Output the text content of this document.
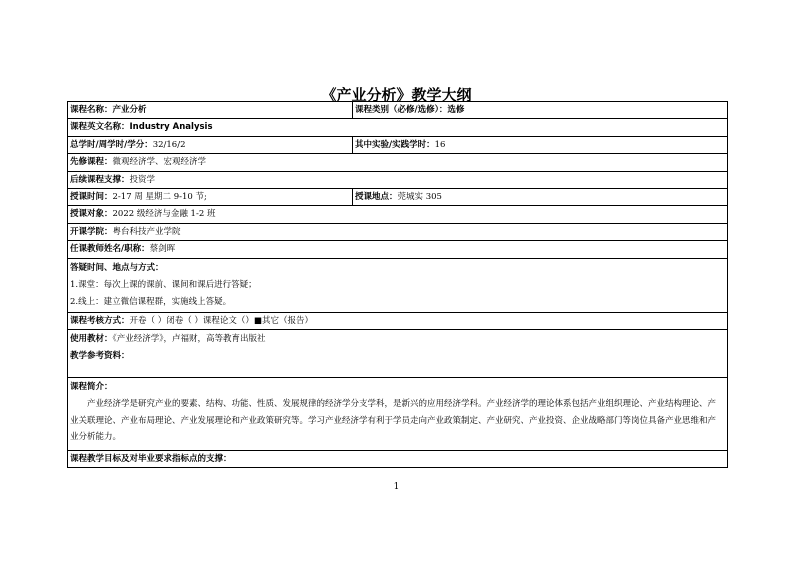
《产业分析》教学大纲
课程名称：产业分析	课程类别（必修/选修）：选修
课程英文名称：Industry Analysis	
总学时/周学时/学分：32/16/2	其中实验/实践学时：16
先修课程：微观经济学、宏观经济学	
后续课程支撑：投资学	
授课时间：2-17 周 星期二 9-10 节;	授课地点：莞城实 305
授课对象：2022 级经济与金融 1-2 班	
开课学院：粤台科技产业学院	
任课教师姓名/职称：蔡剑晖	

答疑时间、地点与方式：
1.课堂：每次上课的课前、课间和课后进行答疑；
2.线上：建立微信课程群，实施线上答疑。	

课程考核方式：开卷（ ）闭卷（ ）课程论文（）■其它（报告）	

使用教材：《产业经济学》，卢福财，高等教育出版社
教学参考资料：	

课程简介：
产业经济学是研究产业的要素、结构、功能、性质、发展规律的经济学分支学科，是新兴的应用经济学科。产业经济学的理论体系包括产业组织理论、产业结构理论、产业关联理论、产业布局理论、产业发展理论和产业政策研究等。学习产业经济学有利于学员走向产业政策制定、产业研究、产业投资、企业战略部门等岗位具备产业思维和产业分析能力。	

课程教学目标及对毕业要求指标点的支撑：	
1
